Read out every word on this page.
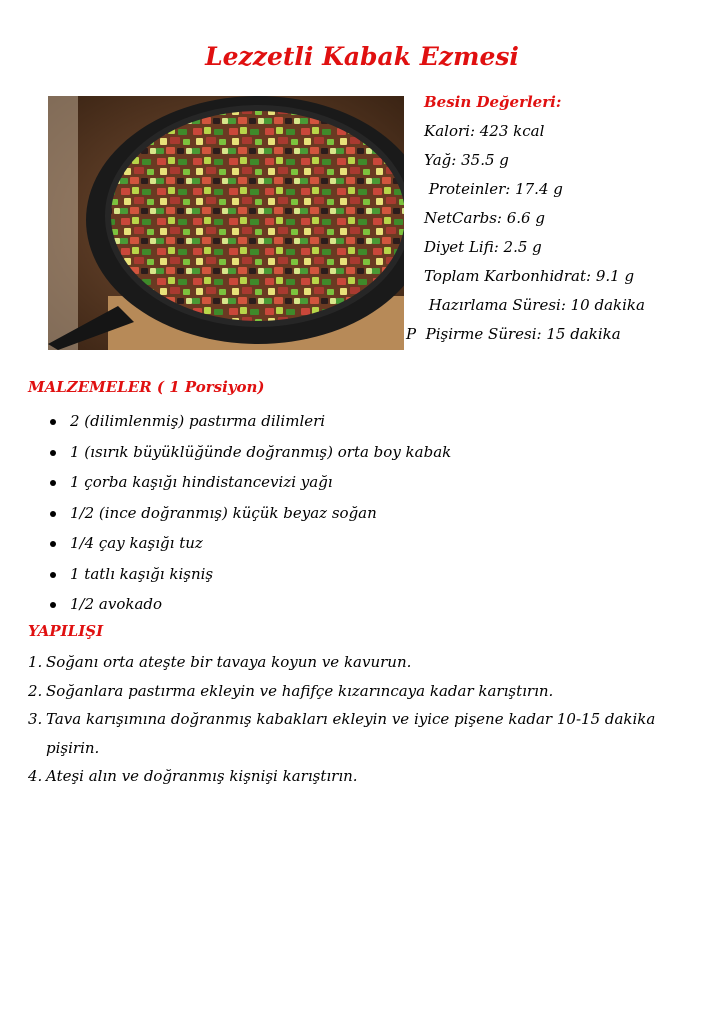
Lezzetli Kabak Ezmesi
Besin Değerleri:
Kalori: 423 kcal
Yağ: 35.5 g
Proteinler: 17.4 g
NetCarbs: 6.6 g
Diyet Lifi: 2.5 g
Toplam Karbonhidrat: 9.1 g
Hazırlama Süresi: 10 dakika
P  Pişirme Süresi: 15 dakika
MALZEMELER ( 1 Porsiyon)
2 (dilimlenmiş) pastırma dilimleri
1 (ısırık büyüklüğünde doğranmış) orta boy kabak
1 çorba kaşığı hindistancevizi yağı
1/2 (ince doğranmış) küçük beyaz soğan
1/4 çay kaşığı tuz
1 tatlı kaşığı kişniş
1/2 avokado
YAPILIŞI
1. Soğanı orta ateşte bir tavaya koyun ve kavurun.
2. Soğanlara pastırma ekleyin ve hafifçe kızarıncaya kadar karıştırın.
3. Tava karışımına doğranmış kabakları ekleyin ve iyice pişene kadar 10-15 dakika pişirin.
4. Ateşi alın ve doğranmış kişnişi karıştırın.
